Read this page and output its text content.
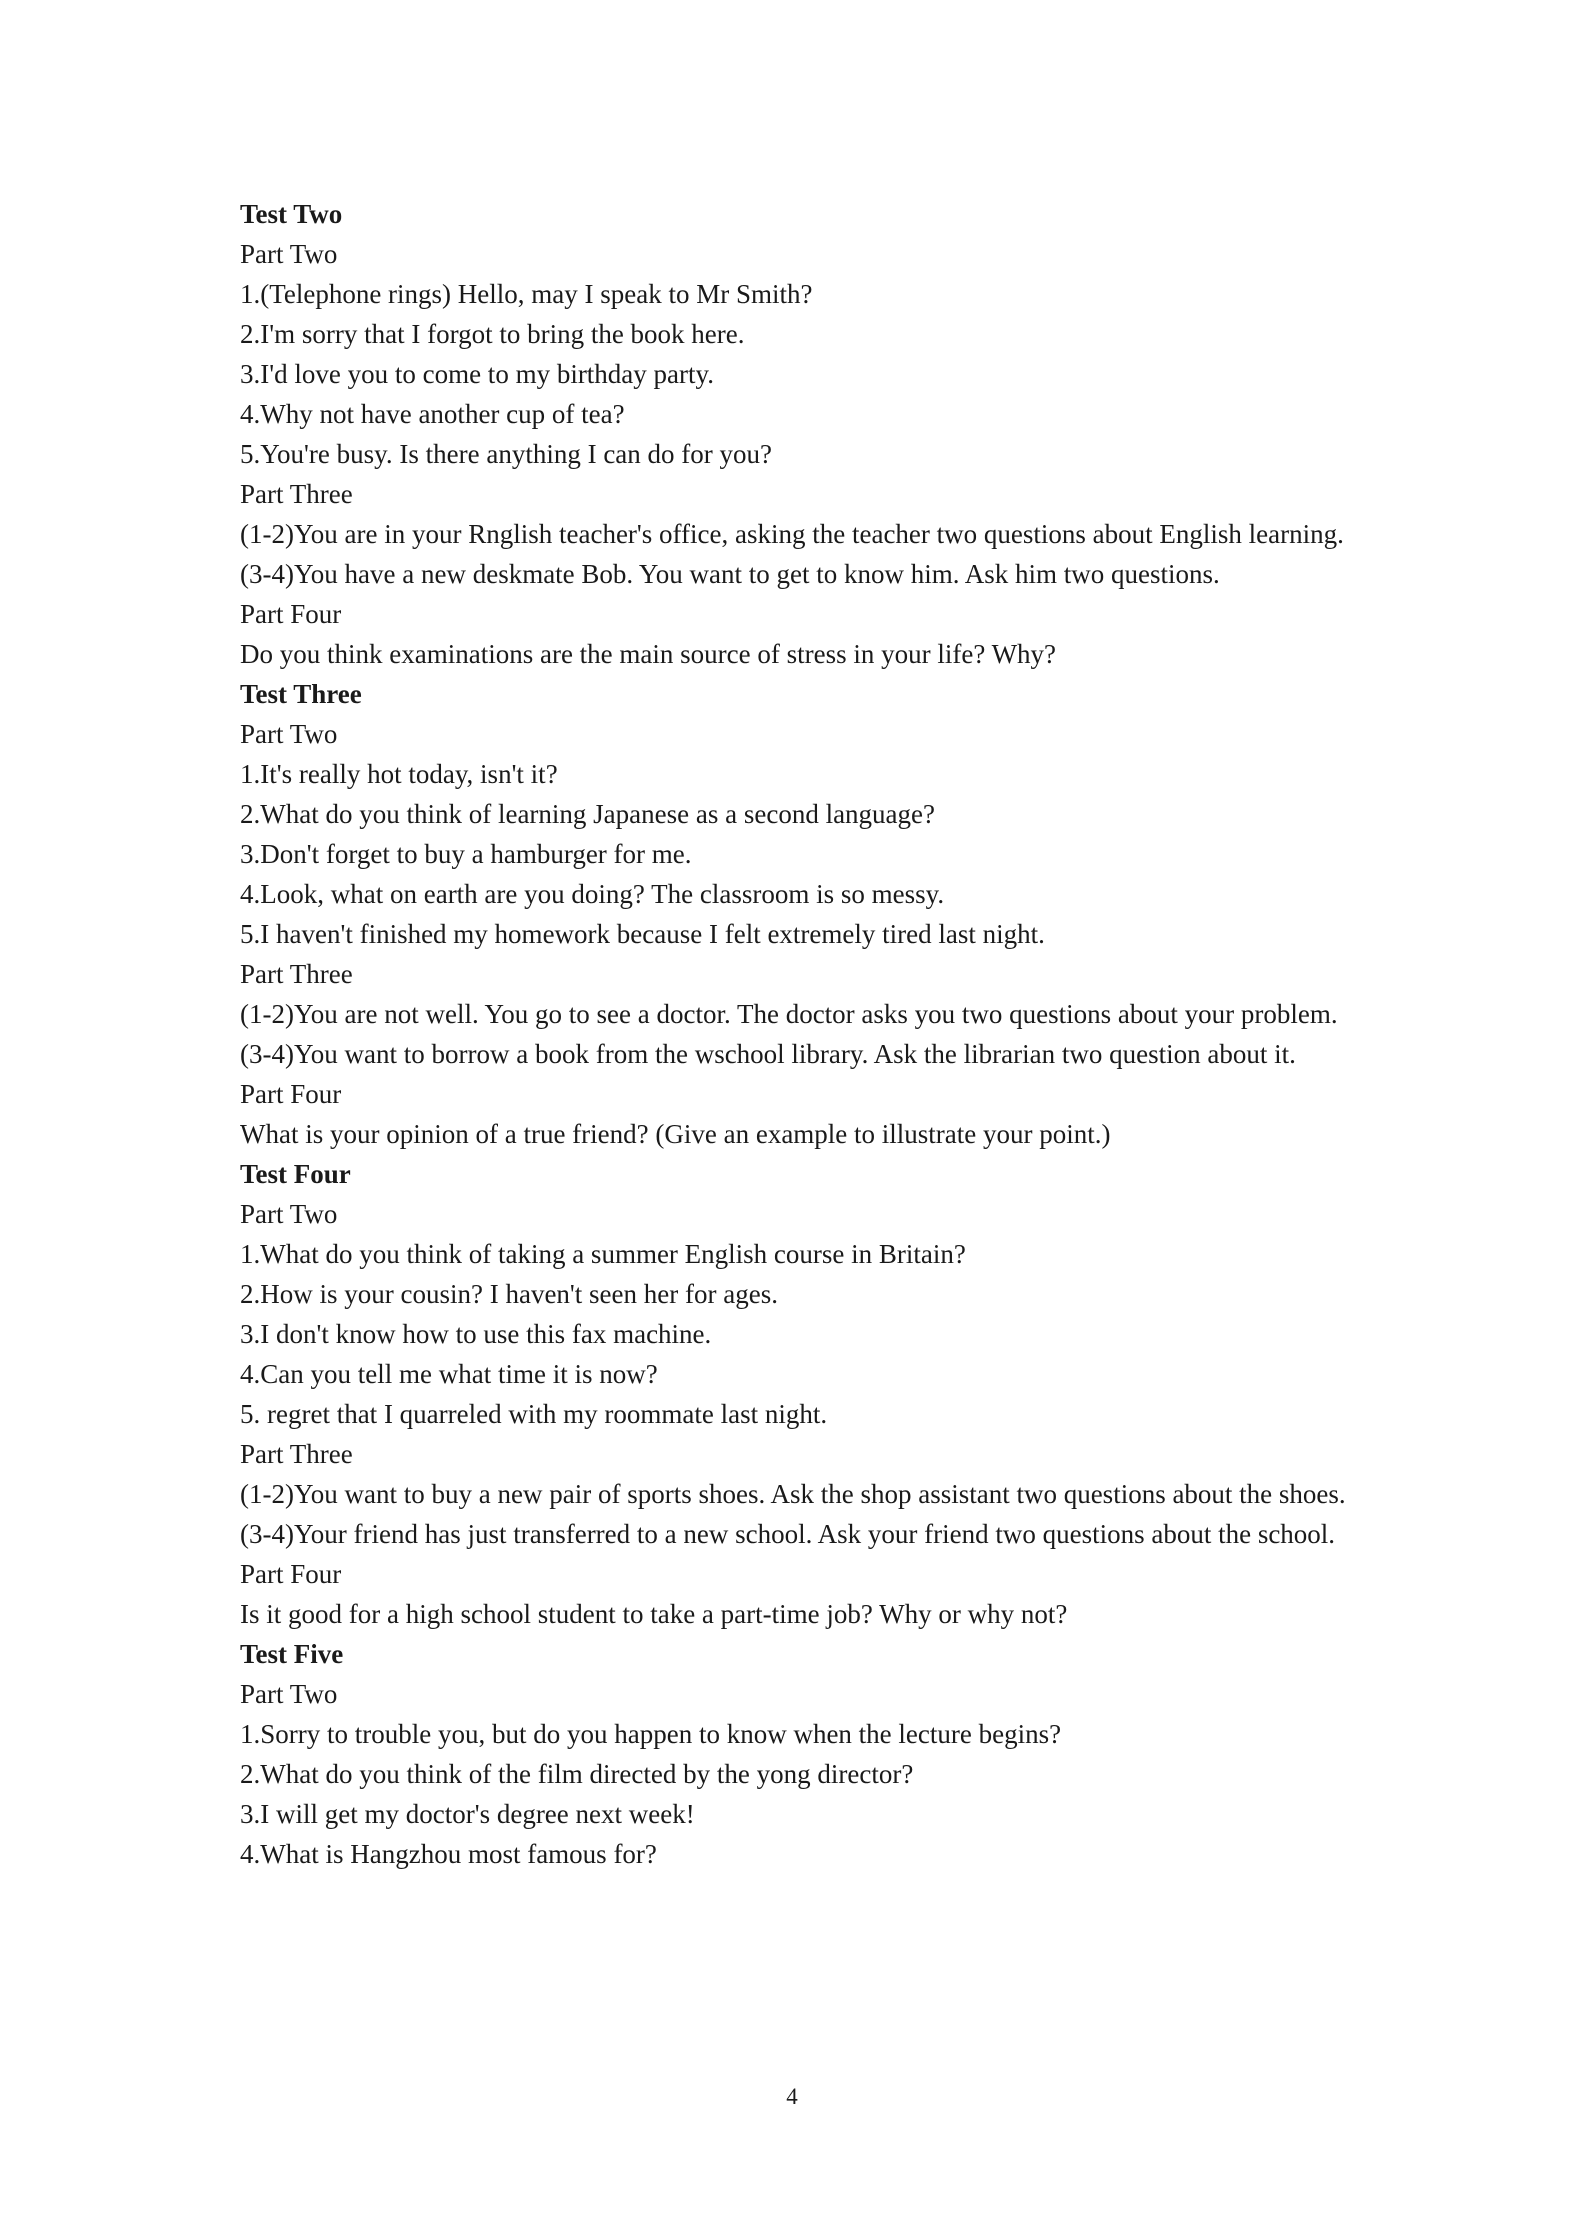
Test Two

Part Two

1.(Telephone rings) Hello, may I speak to Mr Smith?

2.I'm sorry that I forgot to bring the book here.

3.I'd love you to come to my birthday party.

4.Why not have another cup of tea?

5.You're busy. Is there anything I can do for you?

Part Three

(1-2)You are in your Rnglish teacher's office, asking the teacher two questions about English learning.

(3-4)You have a new deskmate Bob. You want to get to know him. Ask him two questions.

Part Four

Do you think examinations are the main source of stress in your life? Why?

Test Three

Part Two

1.It's really hot today, isn't it?

2.What do you think of learning Japanese as a second language?

3.Don't forget to buy a hamburger for me.

4.Look, what on earth are you doing? The classroom is so messy.

5.I haven't finished my homework because I felt extremely tired last night.

Part Three

(1-2)You are not well. You go to see a doctor. The doctor asks you two questions about your problem.

(3-4)You want to borrow a book from the wschool library. Ask the librarian two question about it.

Part Four

What is your opinion of a true friend? (Give an example to illustrate your point.)

Test Four

Part Two

1.What do you think of taking a summer English course in Britain?

2.How is your cousin? I haven't seen her for ages.

3.I don't know how to use this fax machine.

4.Can you tell me what time it is now?

5. regret that I quarreled with my roommate last night.

Part Three

(1-2)You want to buy a new pair of sports shoes. Ask the shop assistant two questions about the shoes.

(3-4)Your friend has just transferred to a new school. Ask your friend two questions about the school.

Part Four

Is it good for a high school student to take a part-time job? Why or why not?

Test Five

Part Two

1.Sorry to trouble you, but do you happen to know when the lecture begins?

2.What do you think of the film directed by the yong director?

3.I will get my doctor's degree next week!

4.What is Hangzhou most famous for?

4
